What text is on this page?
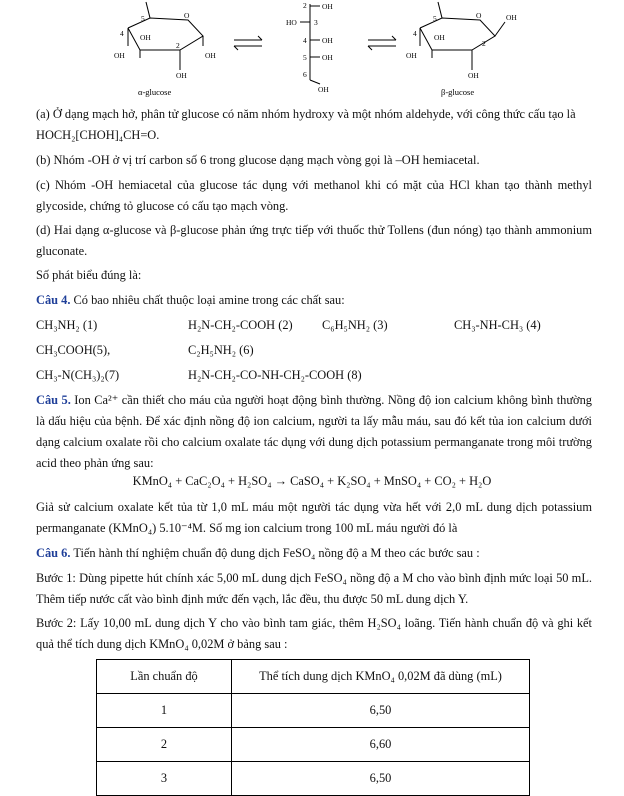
O
OH
OH	OH
OH
5
4
2
OH
HO
OH
OH
OH
2
3
4
5
6
O	OH
OH
OH
OH
5
4
2
α-glucose	β-glucose
(a) Ở dạng mạch hở, phân tử glucose có năm nhóm hydroxy và một nhóm aldehyde, với công thức cấu tạo là
HOCH₂[CHOH]₄CH=O.
(b) Nhóm -OH ở vị trí carbon số 6 trong glucose dạng mạch vòng gọi là –OH hemiacetal.
(c) Nhóm -OH hemiacetal của glucose tác dụng với methanol khi có mặt của HCl khan tạo thành methyl glycoside, chứng tỏ glucose có cấu tạo mạch vòng.
(d) Hai dạng α-glucose và β-glucose phản ứng trực tiếp với thuốc thử Tollens (đun nóng) tạo thành ammonium gluconate.
Số phát biểu đúng là:
Câu 4. Có bao nhiêu chất thuộc loại amine trong các chất sau:
CH₃NH₂ (1)	H₂N-CH₂-COOH (2) C₆H₅NH₂ (3)	CH₃-NH-CH₃ (4)
CH₃COOH(5),	C₂H₅NH₂ (6)
CH₃-N(CH₃)₂(7)	H₂N-CH₂-CO-NH-CH₂-COOH (8)
Câu 5. Ion Ca²⁺ cần thiết cho máu của người hoạt động bình thường. Nồng độ ion calcium không bình thường là dấu hiệu của bệnh. Để xác định nồng độ ion calcium, người ta lấy mẫu máu, sau đó kết tủa ion calcium dưới dạng calcium oxalate rồi cho calcium oxalate tác dụng với dung dịch potassium permanganate trong môi trường acid theo phản ứng sau:
KMnO₄ + CaC₂O₄ + H₂SO₄ → CaSO₄ + K₂SO₄ + MnSO₄ + CO₂ + H₂O
Giả sử calcium oxalate kết tủa từ 1,0 mL máu một người tác dụng vừa hết với 2,0 mL dung dịch potassium permanganate (KMnO₄) 5.10⁻⁴M. Số mg ion calcium trong 100 mL máu người đó là
Câu 6. Tiến hành thí nghiệm chuẩn độ dung dịch FeSO₄ nồng độ a M theo các bước sau :
Bước 1: Dùng pipette hút chính xác 5,00 mL dung dịch FeSO₄ nồng độ a M cho vào bình định mức loại 50 mL. Thêm tiếp nước cất vào bình định mức đến vạch, lắc đều, thu được 50 mL dung dịch Y.
Bước 2: Lấy 10,00 mL dung dịch Y cho vào bình tam giác, thêm H₂SO₄ loãng. Tiến hành chuẩn độ và ghi kết quả thể tích dung dịch KMnO₄ 0,02M ở bảng sau :
Lần chuẩn độ	Thể tích dung dịch KMnO₄ 0,02M đã dùng (mL)
1	6,50
2	6,60
3	6,50
